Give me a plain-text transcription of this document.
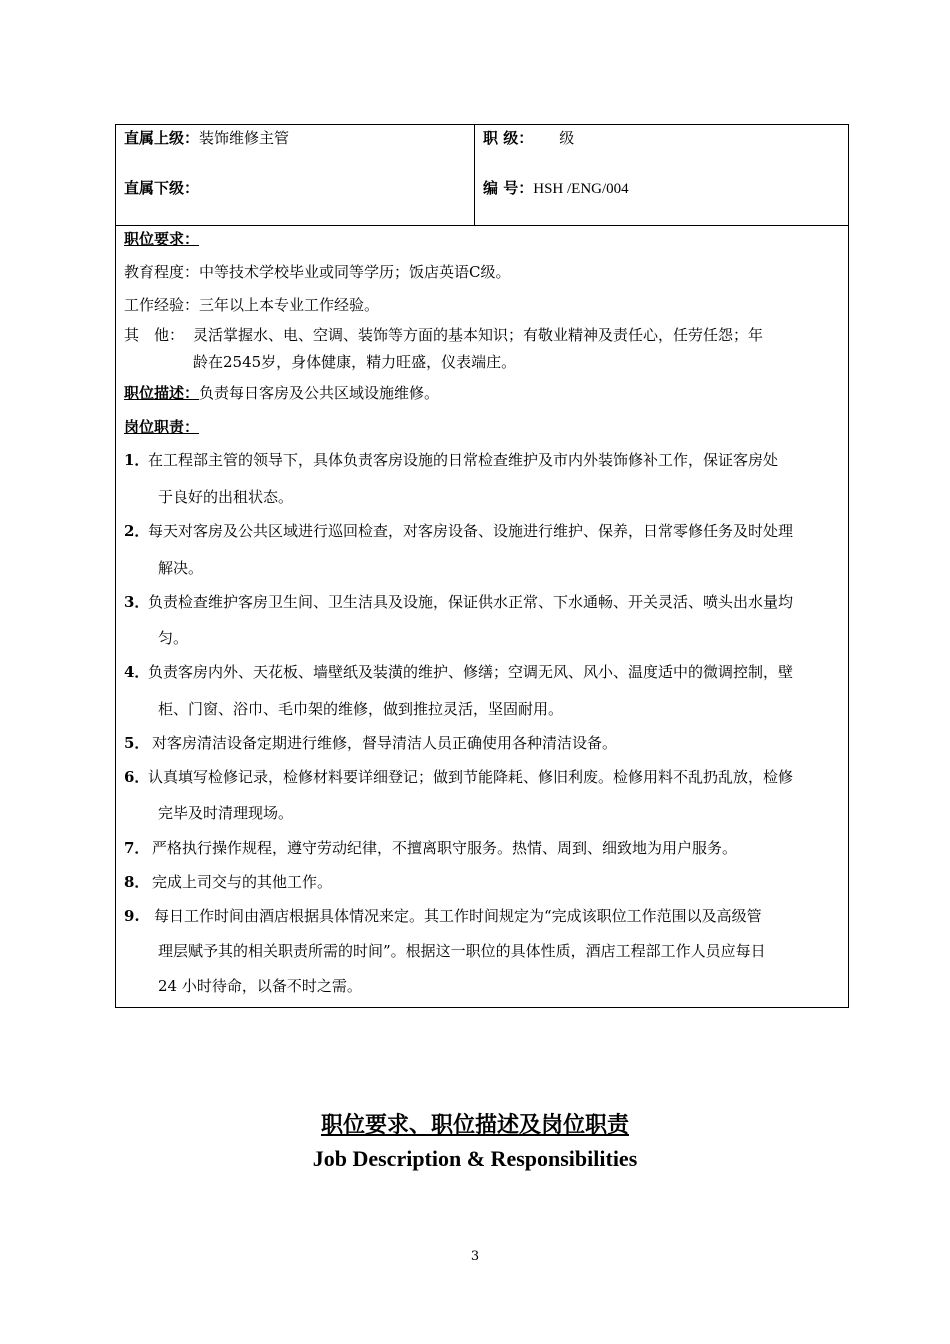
直属上级：装饰维修主管
直属下级：
职 级： 级
编 号：HSH /ENG/004
职位要求：
教育程度：中等技术学校毕业或同等学历；饭店英语C级。
工作经验：三年以上本专业工作经验。
其　他： 灵活掌握水、电、空调、装饰等方面的基本知识；有敬业精神及责任心，任劳任怨；年
龄在2545岁，身体健康，精力旺盛，仪表端庄。
职位描述：负责每日客房及公共区域设施维修。
岗位职责：
1．
在工程部主管的领导下，具体负责客房设施的日常检查维护及市内外装饰修补工作，保证客房处
于良好的出租状态。
2．
每天对客房及公共区域进行巡回检查，对客房设备、设施进行维护、保养，日常零修任务及时处理
解决。
3．
负责检查维护客房卫生间、卫生洁具及设施，保证供水正常、下水通畅、开关灵活、喷头出水量均
匀。
4．
负责客房内外、天花板、墙壁纸及装潢的维护、修缮；空调无风、风小、温度适中的微调控制，壁
柜、门窗、浴巾、毛巾架的维修，做到推拉灵活，坚固耐用。
5． 对客房清洁设备定期进行维修，督导清洁人员正确使用各种清洁设备。
6．
认真填写检修记录，检修材料要详细登记；做到节能降耗、修旧利废。检修用料不乱扔乱放，检修
完毕及时清理现场。
7． 严格执行操作规程，遵守劳动纪律，不擅离职守服务。热情、周到、细致地为用户服务。
8． 完成上司交与的其他工作。
9. 每日工作时间由酒店根据具体情况来定。其工作时间规定为“完成该职位工作范围以及高级管
理层赋予其的相关职责所需的时间”。根据这一职位的具体性质，酒店工程部工作人员应每日
24 小时待命，以备不时之需。
职位要求、职位描述及岗位职责
Job Description & Responsibilities
3
